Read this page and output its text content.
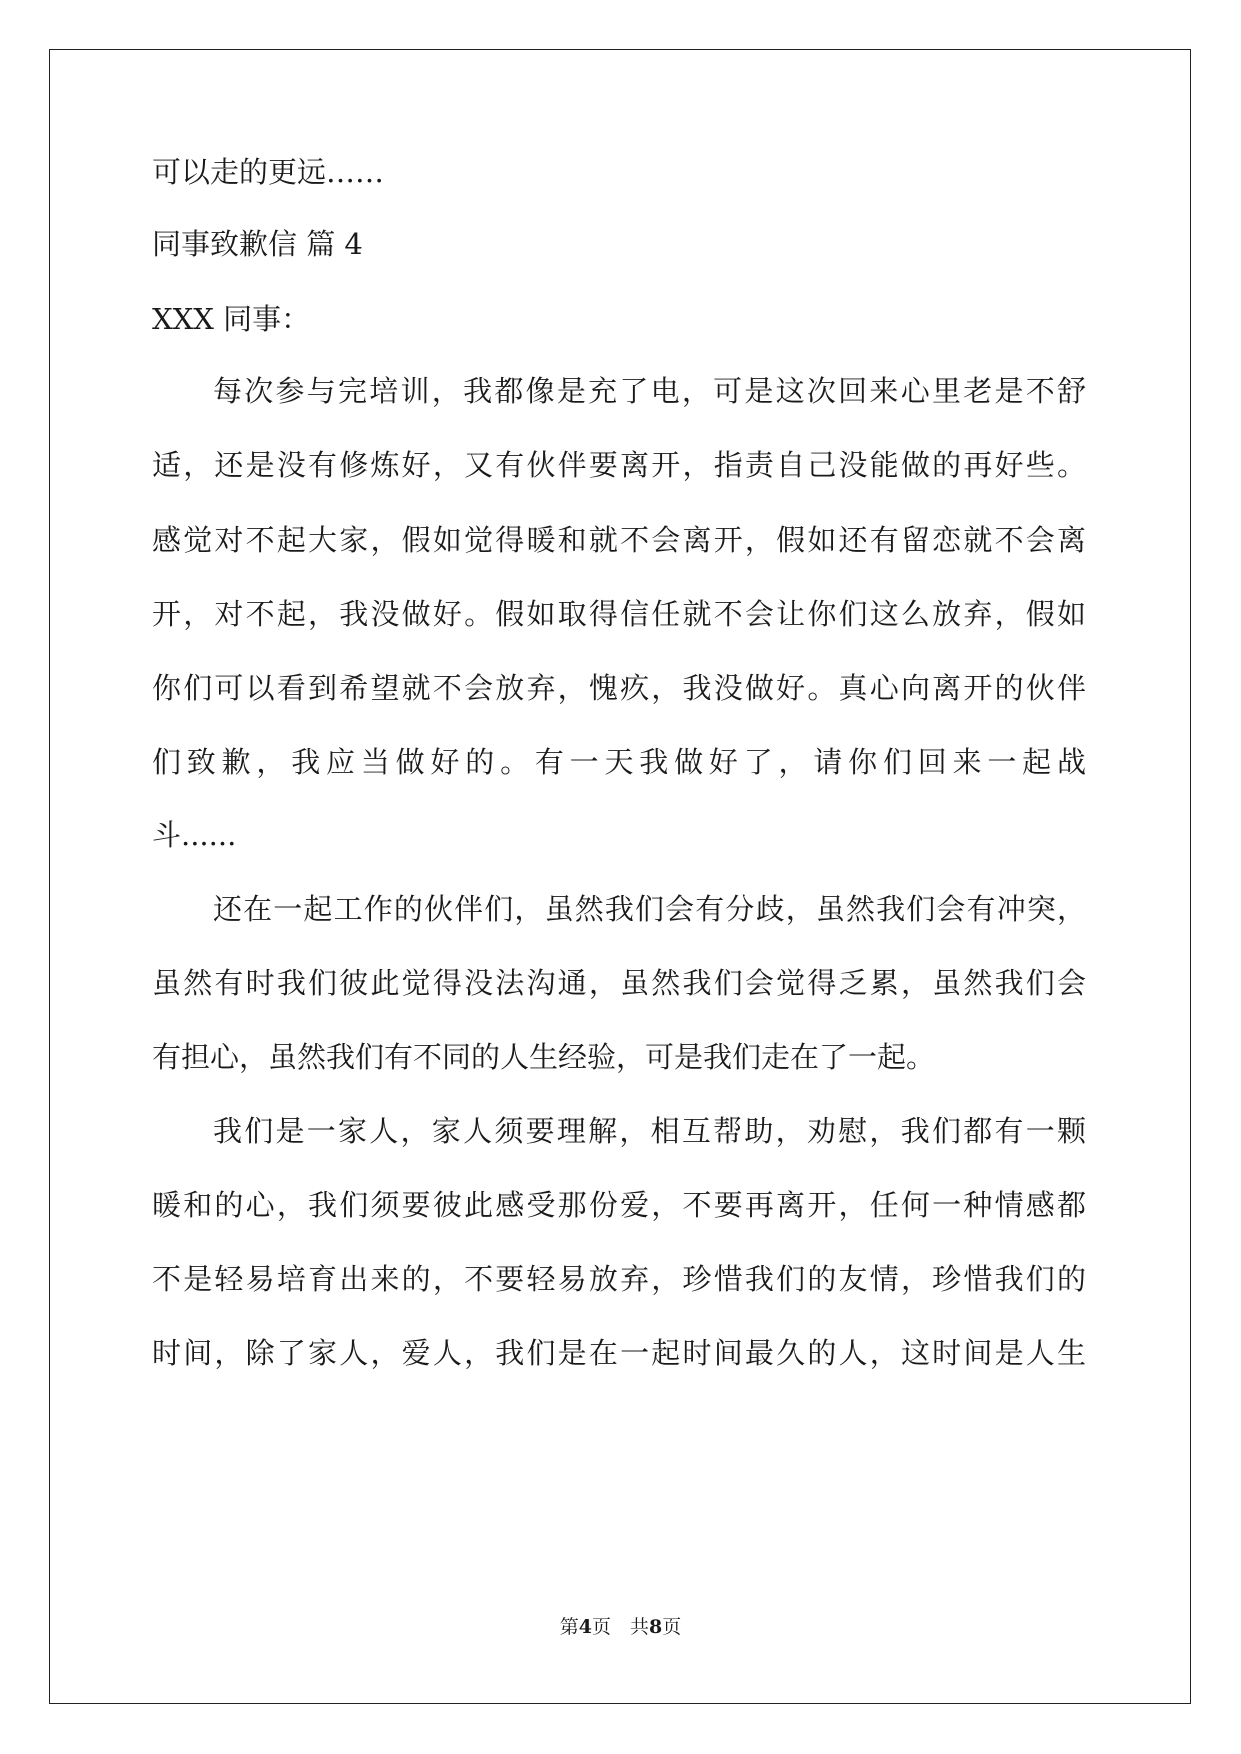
可以走的更远……
同事致歉信 篇 4
XXX 同事：
每次参与完培训，我都像是充了电，可是这次回来心里老是不舒
适，还是没有修炼好，又有伙伴要离开，指责自己没能做的再好些。
感觉对不起大家，假如觉得暖和就不会离开，假如还有留恋就不会离
开，对不起，我没做好。假如取得信任就不会让你们这么放弃，假如
你们可以看到希望就不会放弃，愧疚，我没做好。真心向离开的伙伴
们致歉，我应当做好的。有一天我做好了，请你们回来一起战
斗......
还在一起工作的伙伴们，虽然我们会有分歧，虽然我们会有冲突，
虽然有时我们彼此觉得没法沟通，虽然我们会觉得乏累，虽然我们会
有担心，虽然我们有不同的人生经验，可是我们走在了一起。
我们是一家人，家人须要理解，相互帮助，劝慰，我们都有一颗
暖和的心，我们须要彼此感受那份爱，不要再离开，任何一种情感都
不是轻易培育出来的，不要轻易放弃，珍惜我们的友情，珍惜我们的
时间，除了家人，爱人，我们是在一起时间最久的人，这时间是人生
第4页　共8页
